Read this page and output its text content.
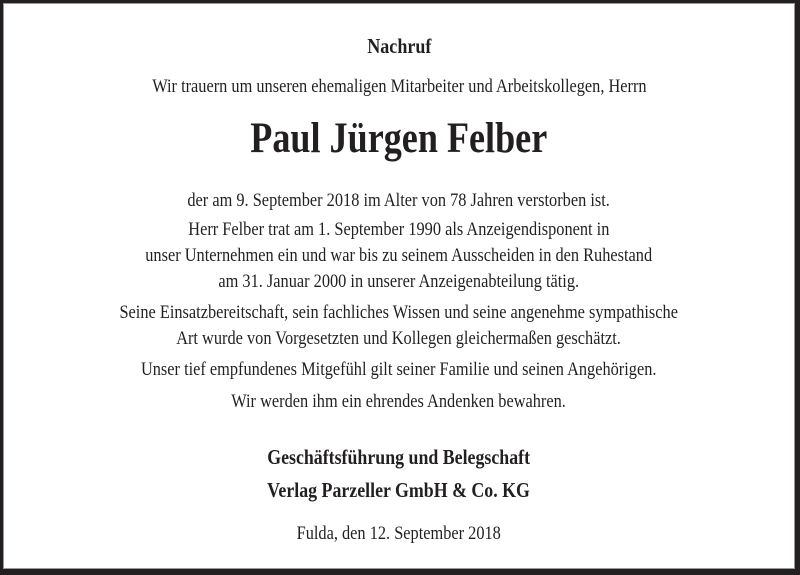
Nachruf
Wir trauern um unseren ehemaligen Mitarbeiter und Arbeitskollegen, Herrn
Paul Jürgen Felber
der am 9. September 2018 im Alter von 78 Jahren verstorben ist.
Herr Felber trat am 1. September 1990 als Anzeigendisponent in
unser Unternehmen ein und war bis zu seinem Ausscheiden in den Ruhestand
am 31. Januar 2000 in unserer Anzeigenabteilung tätig.
Seine Einsatzbereitschaft, sein fachliches Wissen und seine angenehme sympathische
Art wurde von Vorgesetzten und Kollegen gleichermaßen geschätzt.
Unser tief empfundenes Mitgefühl gilt seiner Familie und seinen Angehörigen.
Wir werden ihm ein ehrendes Andenken bewahren.
Geschäftsführung und Belegschaft
Verlag Parzeller GmbH & Co. KG
Fulda, den 12. September 2018
